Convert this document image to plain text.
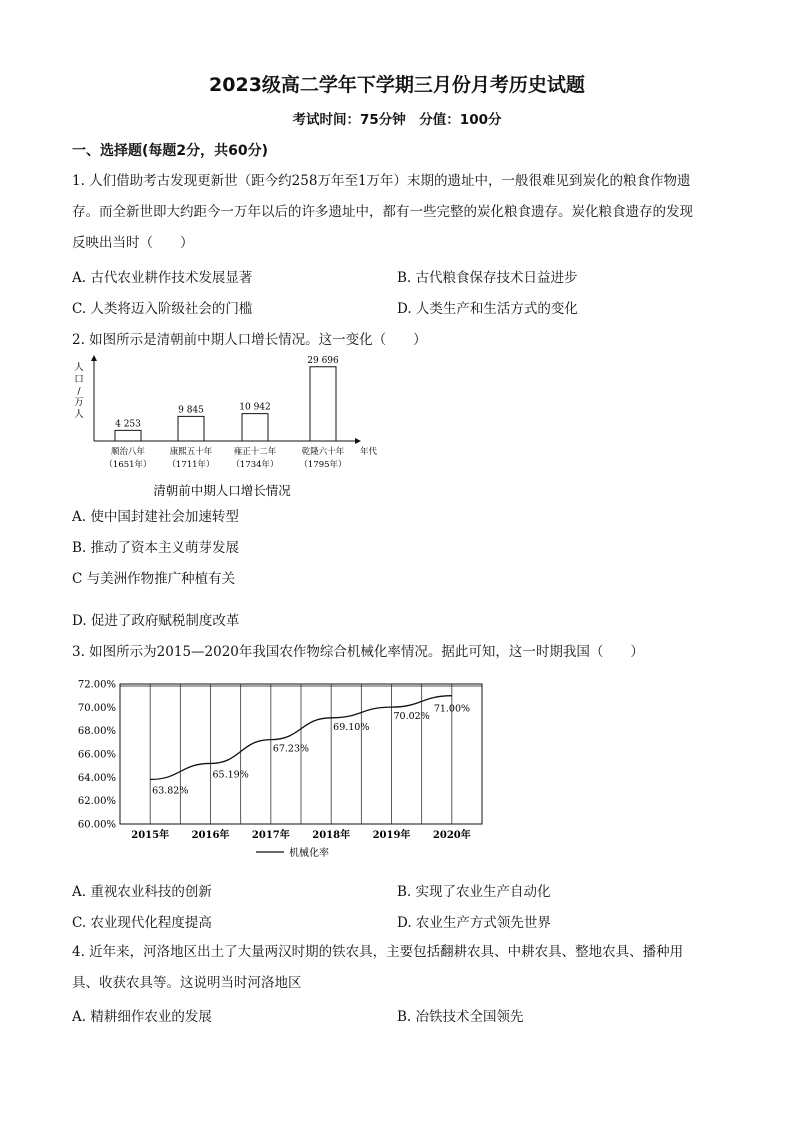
2023级高二学年下学期三月份月考历史试题
考试时间：75分钟　分值：100分
一、选择题(每题2分，共60分)
1. 人们借助考古发现更新世（距今约258万年至1万年）末期的遗址中，一般很难见到炭化的粮食作物遗
存。而全新世即大约距今一万年以后的许多遗址中，都有一些完整的炭化粮食遗存。炭化粮食遗存的发现
反映出当时（　　）
A. 古代农业耕作技术发展显著	B. 古代粮食保存技术日益进步
C. 人类将迈入阶级社会的门槛	D. 人类生产和生活方式的变化
2. 如图所示是清朝前中期人口增长情况。这一变化（　　）
人
口
/
万
人
4 253
9 845	10 942
29 696
顺治八年
（1651年）
康熙五十年
（1711年）
雍正十二年
（1734年）
乾隆六十年
（1795年）
年代
清朝前中期人口增长情况
A. 使中国封建社会加速转型
B. 推动了资本主义萌芽发展
C 与美洲作物推广种植有关
D. 促进了政府赋税制度改革
3. 如图所示为2015—2020年我国农作物综合机械化率情况。据此可知，这一时期我国（　　）
60.00%
62.00%
64.00%
66.00%
68.00%
70.00%
72.00%
2015年 2016年 2017年 2018年 2019年 2020年
63.82%
65.19%
67.23%
69.10%
70.02%
71.00%
机械化率
A. 重视农业科技的创新	B. 实现了农业生产自动化
C. 农业现代化程度提高	D. 农业生产方式领先世界
4. 近年来，河洛地区出土了大量两汉时期的铁农具，主要包括翻耕农具、中耕农具、整地农具、播种用
具、收获农具等。这说明当时河洛地区
A. 精耕细作农业的发展	B. 冶铁技术全国领先
